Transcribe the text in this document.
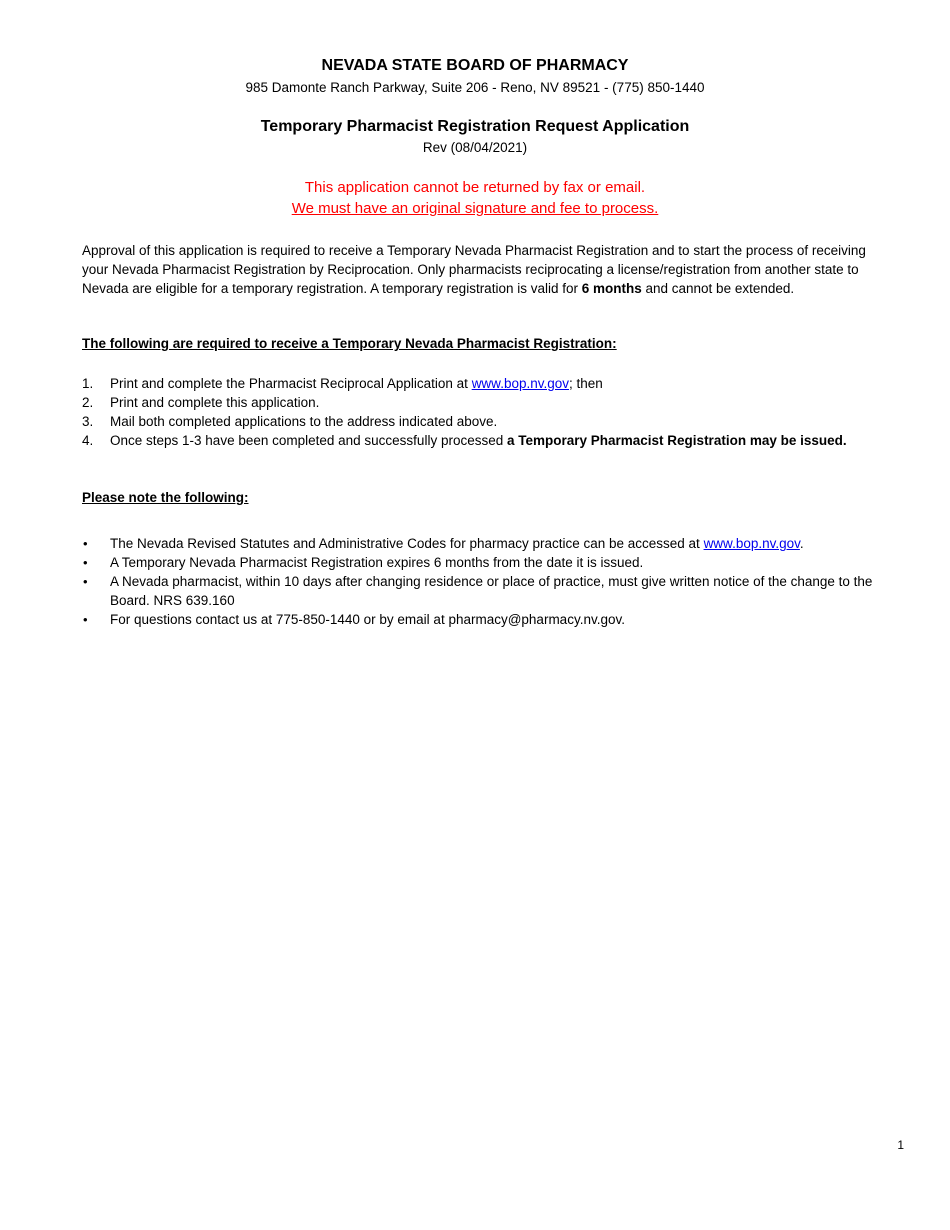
NEVADA STATE BOARD OF PHARMACY
985 Damonte Ranch Parkway, Suite 206 - Reno, NV 89521 - (775) 850-1440
Temporary Pharmacist Registration Request Application
Rev (08/04/2021)
This application cannot be returned by fax or email.
We must have an original signature and fee to process.
Approval of this application is required to receive a Temporary Nevada Pharmacist Registration and to start the process of receiving your Nevada Pharmacist Registration by Reciprocation. Only pharmacists reciprocating a license/registration from another state to Nevada are eligible for a temporary registration. A temporary registration is valid for 6 months and cannot be extended.
The following are required to receive a Temporary Nevada Pharmacist Registration:
1. Print and complete the Pharmacist Reciprocal Application at www.bop.nv.gov; then
2. Print and complete this application.
3. Mail both completed applications to the address indicated above.
4. Once steps 1-3 have been completed and successfully processed a Temporary Pharmacist Registration may be issued.
Please note the following:
• The Nevada Revised Statutes and Administrative Codes for pharmacy practice can be accessed at www.bop.nv.gov.
• A Temporary Nevada Pharmacist Registration expires 6 months from the date it is issued.
• A Nevada pharmacist, within 10 days after changing residence or place of practice, must give written notice of the change to the Board. NRS 639.160
• For questions contact us at 775-850-1440 or by email at pharmacy@pharmacy.nv.gov.
1
